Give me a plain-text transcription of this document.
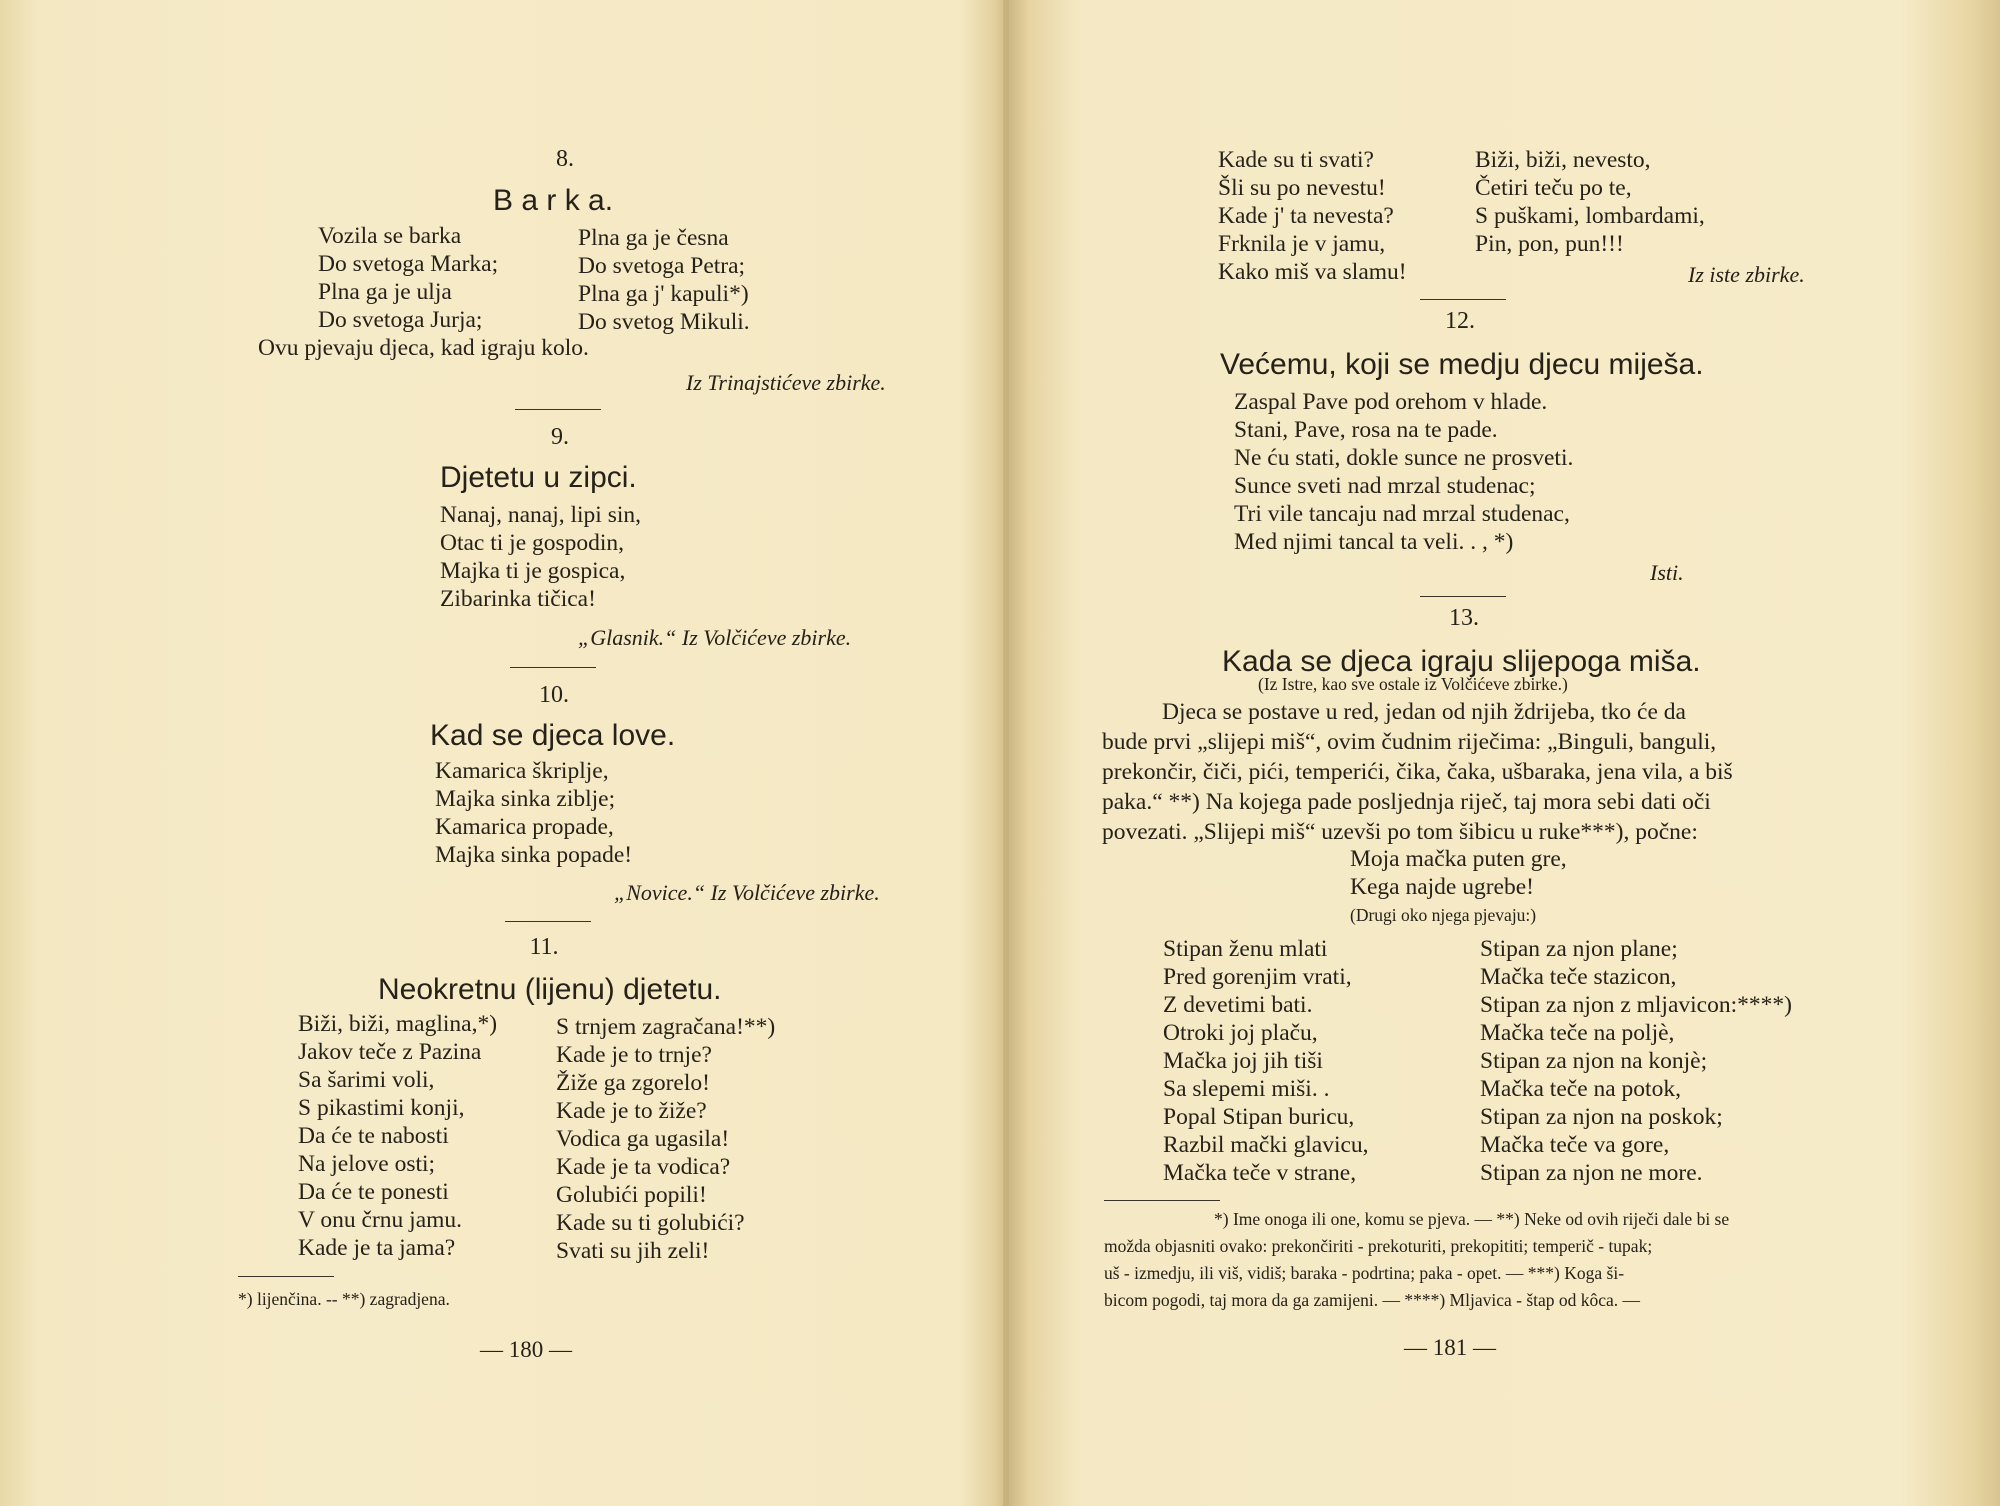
8.
B a r k a.
Vozila se barka
Do svetoga Marka;
Plna ga je ulja
Do svetoga Jurja;
Plna ga je česna
Do svetoga Petra;
Plna ga j' kapuli*)
Do svetog Mikuli.
Ovu pjevaju djeca, kad igraju kolo.
Iz Trinajstićeve zbirke.
9.
Djetetu u zipci.
Nanaj, nanaj, lipi sin,
Otac ti je gospodin,
Majka ti je gospica,
Zibarinka tičica!
„Glasnik.“ Iz Volčićeve zbirke.
10.
Kad se djeca love.
Kamarica škriplje,
Majka sinka ziblje;
Kamarica propade,
Majka sinka popade!
„Novice.“ Iz Volčićeve zbirke.
11.
Neokretnu (lijenu) djetetu.
Biži, biži, maglina,*)
Jakov teče z Pazina
Sa šarimi voli,
S pikastimi konji,
Da će te nabosti
Na jelove osti;
Da će te ponesti
V onu črnu jamu.
Kade je ta jama?
S trnjem zagračana!**)
Kade je to trnje?
Žiže ga zgorelo!
Kade je to žiže?
Vodica ga ugasila!
Kade je ta vodica?
Golubići popili!
Kade su ti golubići?
Svati su jih zeli!
*) lijenčina. -- **) zagradjena.
— 180 —
Kade su ti svati?
Šli su po nevestu!
Kade j' ta nevesta?
Frknila je v jamu,
Kako miš va slamu!
Biži, biži, nevesto,
Četiri teču po te,
S puškami, lombardami,
Pin, pon, pun!!!
Iz iste zbirke.
12.
Većemu, koji se medju djecu miješa.
Zaspal Pave pod orehom v hlade.
Stani, Pave, rosa na te pade.
Ne ću stati, dokle sunce ne prosveti.
Sunce sveti nad mrzal studenac;
Tri vile tancaju nad mrzal studenac,
Med njimi tancal ta veli. . , *)
Isti.
13.
Kada se djeca igraju slijepoga miša.
(Iz Istre, kao sve ostale iz Volčićeve zbirke.)
Djeca se postave u red, jedan od njih ždrijeba, tko će da
bude prvi „slijepi miš“, ovim čudnim riječima: „Binguli, banguli,
prekončir, čiči, pići, temperići, čika, čaka, ušbaraka, jena vila, a biš
paka.“ **) Na kojega pade posljednja riječ, taj mora sebi dati oči
povezati. „Slijepi miš“ uzevši po tom šibicu u ruke***), počne:
Moja mačka puten gre,
Kega najde ugrebe!
(Drugi oko njega pjevaju:)
Stipan ženu mlati
Pred gorenjim vrati,
Z devetimi bati.
Otroki joj plaču,
Mačka joj jih tiši
Sa slepemi miši. .
Popal Stipan buricu,
Razbil mački glavicu,
Mačka teče v strane,
Stipan za njon plane;
Mačka teče stazicon,
Stipan za njon z mljavicon:****)
Mačka teče na poljè,
Stipan za njon na konjè;
Mačka teče na potok,
Stipan za njon na poskok;
Mačka teče va gore,
Stipan za njon ne more.
*) Ime onoga ili one, komu se pjeva. — **) Neke od ovih riječi dale bi se
možda objasniti ovako: prekončiriti - prekoturiti, prekopititi; temperič - tupak;
uš - izmedju, ili viš, vidiš; baraka - podrtina; paka - opet. — ***) Koga ši-
bicom pogodi, taj mora da ga zamijeni. — ****) Mljavica - štap od kôca. —
— 181 —
